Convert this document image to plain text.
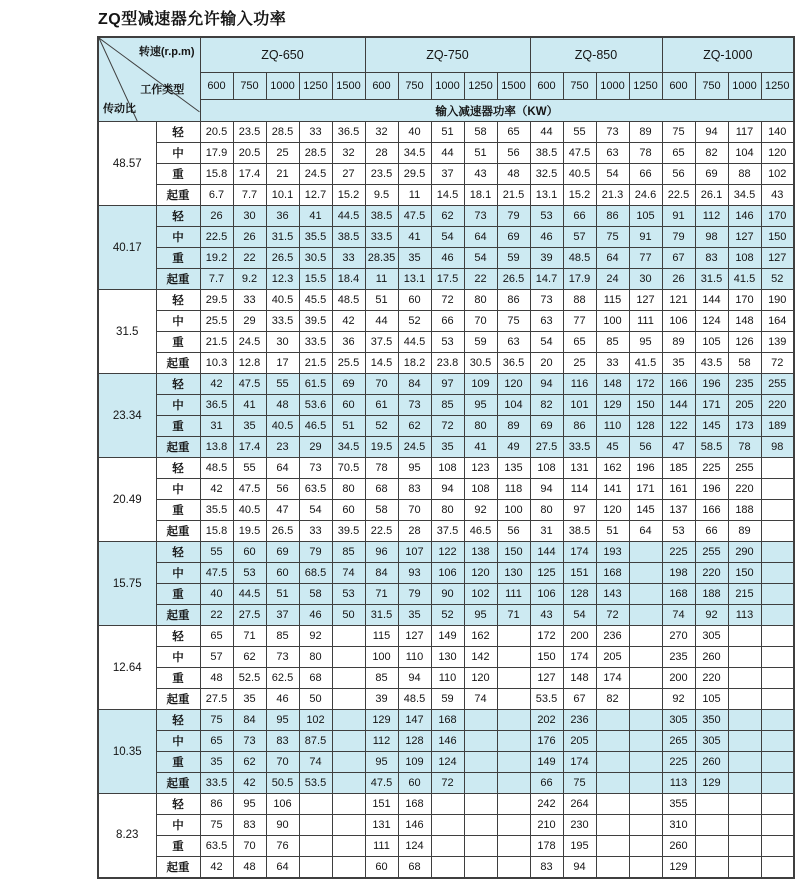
ZQ型减速器允许输入功率
转速(r.p.m)
工作类型
传动比		ZQ-650					ZQ-750					ZQ-850				ZQ-1000			
		600	750	1000	1250	1500	600	750	1000	1250	1500	600	750	1000	1250	600	750	1000	1250
		输入减速器功率（KW）																	
48.57	轻	20.5	23.5	28.5	33	36.5	32	40	51	58	65	44	55	73	89	75	94	117	140
	中	17.9	20.5	25	28.5	32	28	34.5	44	51	56	38.5	47.5	63	78	65	82	104	120
	重	15.8	17.4	21	24.5	27	23.5	29.5	37	43	48	32.5	40.5	54	66	56	69	88	102
	起重	6.7	7.7	10.1	12.7	15.2	9.5	11	14.5	18.1	21.5	13.1	15.2	21.3	24.6	22.5	26.1	34.5	43
40.17	轻	26	30	36	41	44.5	38.5	47.5	62	73	79	53	66	86	105	91	112	146	170
	中	22.5	26	31.5	35.5	38.5	33.5	41	54	64	69	46	57	75	91	79	98	127	150
	重	19.2	22	26.5	30.5	33	28.35	35	46	54	59	39	48.5	64	77	67	83	108	127
	起重	7.7	9.2	12.3	15.5	18.4	11	13.1	17.5	22	26.5	14.7	17.9	24	30	26	31.5	41.5	52
31.5	轻	29.5	33	40.5	45.5	48.5	51	60	72	80	86	73	88	115	127	121	144	170	190
	中	25.5	29	33.5	39.5	42	44	52	66	70	75	63	77	100	111	106	124	148	164
	重	21.5	24.5	30	33.5	36	37.5	44.5	53	59	63	54	65	85	95	89	105	126	139
	起重	10.3	12.8	17	21.5	25.5	14.5	18.2	23.8	30.5	36.5	20	25	33	41.5	35	43.5	58	72
23.34	轻	42	47.5	55	61.5	69	70	84	97	109	120	94	116	148	172	166	196	235	255
	中	36.5	41	48	53.6	60	61	73	85	95	104	82	101	129	150	144	171	205	220
	重	31	35	40.5	46.5	51	52	62	72	80	89	69	86	110	128	122	145	173	189
	起重	13.8	17.4	23	29	34.5	19.5	24.5	35	41	49	27.5	33.5	45	56	47	58.5	78	98
20.49	轻	48.5	55	64	73	70.5	78	95	108	123	135	108	131	162	196	185	225	255	
	中	42	47.5	56	63.5	80	68	83	94	108	118	94	114	141	171	161	196	220	
	重	35.5	40.5	47	54	60	58	70	80	92	100	80	97	120	145	137	166	188	
	起重	15.8	19.5	26.5	33	39.5	22.5	28	37.5	46.5	56	31	38.5	51	64	53	66	89	
15.75	轻	55	60	69	79	85	96	107	122	138	150	144	174	193		225	255	290	
	中	47.5	53	60	68.5	74	84	93	106	120	130	125	151	168		198	220	150	
	重	40	44.5	51	58	53	71	79	90	102	111	106	128	143		168	188	215	
	起重	22	27.5	37	46	50	31.5	35	52	95	71	43	54	72		74	92	113	
12.64	轻	65	71	85	92		115	127	149	162		172	200	236		270	305		
	中	57	62	73	80		100	110	130	142		150	174	205		235	260		
	重	48	52.5	62.5	68		85	94	110	120		127	148	174		200	220		
	起重	27.5	35	46	50		39	48.5	59	74		53.5	67	82		92	105		
10.35	轻	75	84	95	102		129	147	168			202	236			305	350		
	中	65	73	83	87.5		112	128	146			176	205			265	305		
	重	35	62	70	74		95	109	124			149	174			225	260		
	起重	33.5	42	50.5	53.5		47.5	60	72			66	75			113	129		
8.23	轻	86	95	106			151	168				242	264			355			
	中	75	83	90			131	146				210	230			310			
	重	63.5	70	76			111	124				178	195			260			
	起重	42	48	64			60	68				83	94			129			
